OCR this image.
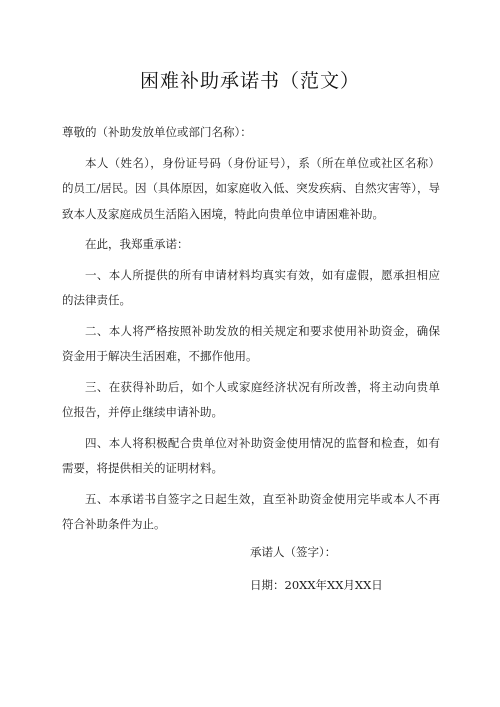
困难补助承诺书（范文）

尊敬的（补助发放单位或部门名称）：

本人（姓名），身份证号码（身份证号），系（所在单位或社区名称）的员工/居民。因（具体原因，如家庭收入低、突发疾病、自然灾害等），导致本人及家庭成员生活陷入困境，特此向贵单位申请困难补助。

在此，我郑重承诺：

一、本人所提供的所有申请材料均真实有效，如有虚假，愿承担相应的法律责任。

二、本人将严格按照补助发放的相关规定和要求使用补助资金，确保资金用于解决生活困难，不挪作他用。

三、在获得补助后，如个人或家庭经济状况有所改善，将主动向贵单位报告，并停止继续申请补助。

四、本人将积极配合贵单位对补助资金使用情况的监督和检查，如有需要，将提供相关的证明材料。

五、本承诺书自签字之日起生效，直至补助资金使用完毕或本人不再符合补助条件为止。

承诺人（签字）：
日期：20XX年XX月XX日
